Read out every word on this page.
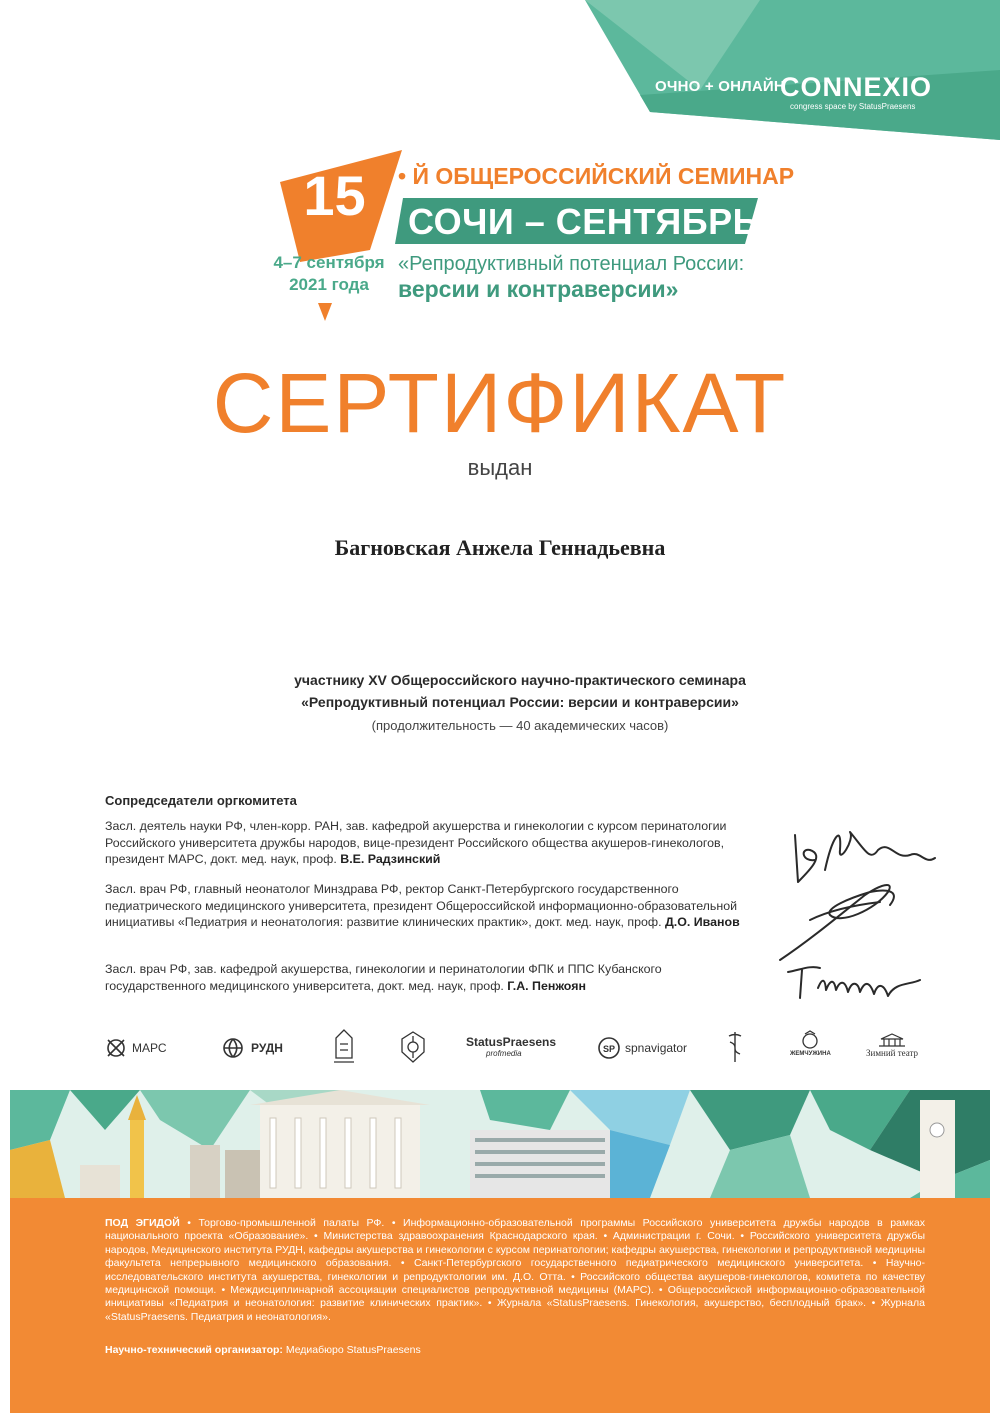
ОЧНО + ОНЛАЙН
CONNEXIO
congress space by StatusPraesens
15	• Й ОБЩЕРОССИЙСКИЙ СЕМИНАР
СОЧИ – СЕНТЯБРЬ
4–7 сентября
2021 года
«Репродуктивный потенциал России:
версии и контраверсии»
СЕРТИФИКАТ
выдан
Багновская Анжела Геннадьевна
участнику XV Общероссийского научно-практического семинара
«Репродуктивный потенциал России: версии и контраверсии»
(продолжительность — 40 академических часов)
Сопредседатели оргкомитета
Засл. деятель науки РФ, член-корр. РАН, зав. кафедрой акушерства и гинекологии с курсом перинатологии Российского университета дружбы народов, вице-президент Российского общества акушеров-гинекологов, президент МАРС, докт. мед. наук, проф. В.Е. Радзинский
Засл. врач РФ, главный неонатолог Минздрава РФ, ректор Санкт-Петербургского государственного педиатрического медицинского университета, президент Общероссийской информационно-образовательной инициативы «Педиатрия и неонатология: развитие клинических практик», докт. мед. наук, проф. Д.О. Иванов
Засл. врач РФ, зав. кафедрой акушерства, гинекологии и перинатологии ФПК и ППС Кубанского государственного медицинского университета, докт. мед. наук, проф. Г.А. Пенжоян
МАРС	РУДН	StatusPraesens
profmedia	SP spnavigator	ЖЕМЧУЖИНА	Зимний театр
ПОД ЭГИДОЙ • Торгово-промышленной палаты РФ. • Информационно-образовательной программы Российского университета дружбы народов в рамках национального проекта «Образование». • Министерства здравоохранения Краснодарского края. • Администрации г. Сочи. • Российского университета дружбы народов, Медицинского института РУДН, кафедры акушерства и гинекологии с курсом перинатологии; кафедры акушерства, гинекологии и репродуктивной медицины факультета непрерывного медицинского образования. • Санкт-Петербургского государственного педиатрического медицинского университета. • Научно-исследовательского института акушерства, гинекологии и репродуктологии им. Д.О. Отта. • Российского общества акушеров-гинекологов, комитета по качеству медицинской помощи. • Междисциплинарной ассоциации специалистов репродуктивной медицины (МАРС). • Общероссийской информационно-образовательной инициативы «Педиатрия и неонатология: развитие клинических практик». • Журнала «StatusPraesens. Гинекология, акушерство, бесплодный брак». • Журнала «StatusPraesens. Педиатрия и неонатология».
Научно-технический организатор: Медиабюро StatusPraesens
